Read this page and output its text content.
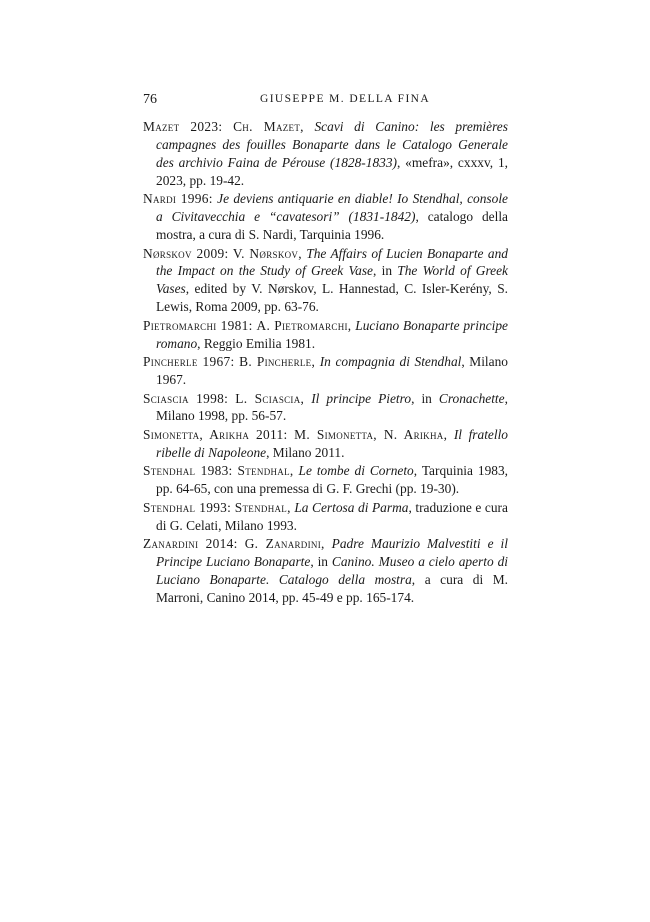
76	GIUSEPPE M. DELLA FINA

Mazet 2023: Ch. Mazet, Scavi di Canino: les premières campagnes des fouilles Bonaparte dans le Catalogo Generale des archivio Faina de Pérouse (1828-1833), «mefra», cxxxv, 1, 2023, pp. 19-42.

Nardi 1996: Je deviens antiquarie en diable! Io Stendhal, console a Civitavecchia e “cavatesori” (1831-1842), catalogo della mostra, a cura di S. Nardi, Tarquinia 1996.

Nørskov 2009: V. Nørskov, The Affairs of Lucien Bonaparte and the Impact on the Study of Greek Vase, in The World of Greek Vases, edited by V. Nørskov, L. Hannestad, C. Isler-Kerény, S. Lewis, Roma 2009, pp. 63-76.

Pietromarchi 1981: A. Pietromarchi, Luciano Bonaparte principe romano, Reggio Emilia 1981.

Pincherle 1967: B. Pincherle, In compagnia di Stendhal, Milano 1967.

Sciascia 1998: L. Sciascia, Il principe Pietro, in Cronachette, Milano 1998, pp. 56-57.

Simonetta, Arikha 2011: M. Simonetta, N. Arikha, Il fratello ribelle di Napoleone, Milano 2011.

Stendhal 1983: Stendhal, Le tombe di Corneto, Tarquinia 1983, pp. 64-65, con una premessa di G. F. Grechi (pp. 19-30).

Stendhal 1993: Stendhal, La Certosa di Parma, traduzione e cura di G. Celati, Milano 1993.

Zanardini 2014: G. Zanardini, Padre Maurizio Malvestiti e il Principe Luciano Bonaparte, in Canino. Museo a cielo aperto di Luciano Bonaparte. Catalogo della mostra, a cura di M. Marroni, Canino 2014, pp. 45-49 e pp. 165-174.
